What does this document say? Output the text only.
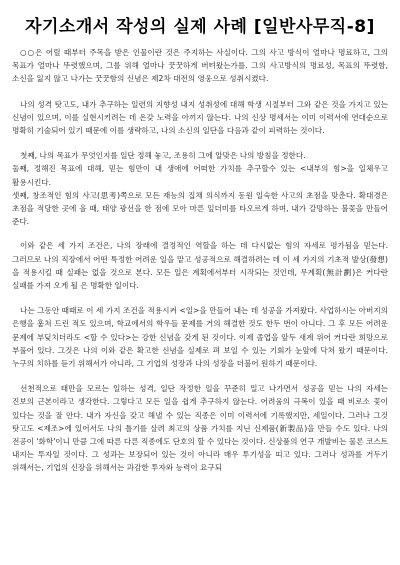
자기소개서 작성의 실제 사례 [일반사무직-8]

○○은 어릴 때부터 주목을 받은 인물이란 것은 주지하는 사실이다. 그의 사고 방식이 얼마나 명료하고, 그의 목표가 얼마나 뚜렷했으며, 그를 위해 얼마나 꿋꿋하게 버텨왔는가를. 그의 사고방식의 명료성, 목표의 뚜렷함, 소신을 잃지 않고 나가는 꿋꿋함의 신념은 제2차 대전의 영웅으로 성취시켰다.

나의 성격 탓고도, 내가 추구하는 일련의 지향성 내지 성취성에 대해 학생 시절부터 그와 같은 것을 가지고 있는 신념이 있으며, 이를 실현시키려는 데 온갖 노력을 아끼지 않는다. 나의 신상 명세서는 이미 이력서에 연대순으로 명확히 기술되어 있기 때문에 이를 생략하고, 나의 소신의 일단을 다음과 같이 피력하는 것이다.

첫째, 나의 목표가 무엇인지를 일단 정해 놓고, 조용히 그에 알맞은 나의 방침을 정한다.
둘째, 정해진 목표에 대해, 믿는 힘만이 내 생애에 어떠한 가치를 추구할수 있는 <내부의 힘>을 일체우고 활용시킨다.
셋째, 창조적인 힘의 사고(思考)쪽으로 모든 재능의 집채 의식까지 동원 일숙한 사고의 초점을 맞춘다. 확대경은 초점을 적당한 곳에 올 때, 태양 광선을 한 점에 모아 마른 잎더미를 타오르게 하며, 내가 갈망하는 불꽃을 만들어 준다.

이와 같은 세 가지 조건은, 나의 장래에 결정적인 역할을 하는 데 다시없는 힘의 자세로 평가됨을 믿는다. 그러므로 나의 직장에서 어떤 특정한 어려운 일을 맡고 성공적으로 해결하려는 데 이 세 가지의 기초적 발상(發想)을 적용시킬 때 실패는 없을 것으로 본다. 모든 일은 계획에서부터 시작되는 것인데, 무계획(無計劃)은 커다란 실패를 가져 오게 될 은 명확한 일이다.

나는 그동안 때때로 이 세 가지 조건을 적용시켜 <일>을 만들어 내는 데 성공을 가져왔다. 사업하시는 아버지의 은행을 훔쳐 드린 적도 있으며, 학교에서의 학우들 문제를 거의 해결한 것도 한두 번이 아니다. 그 후 모든 어려운 문제에 부딪치더라도 <할 수 있다>는 강한 신념을 갖게 된 것이다. 이제 졸업을 앞두 새계 위어 커다란 희망으로 부풀어 있다. 그것은 나의 이와 같은 확고한 신념을 실제로 펴 보일 수 있는 기회가 눈앞에 닥쳐 왔기 때문이다. 누구의 치하를 듣기 위해서가 아니라, 그 기업의 성장과 나의 성장을 더불어 원하기 때문이다.

선천적으로 태만을 모르는 일하는 성격, 일단 작정한 일을 꾸준히 밀고 나가면서 성공을 믿는 나의 자세는 진보의 근본이라고 생각한다. 그렇다고 모든 일을 쉽게 추구하지 않는다. 어려움의 극복이 있을 때 비로소 꽃이 있다는 것을 잘 안다. 내가 자신을 갖고 해낼 수 있는 직종은 이미 이력서에 기록했지만, 세일이다. 그러나 그것 탓고도 <제조>에 있어서도 나의 틀기를 살려 최고의 상품 가치를 지닌 신제품(新製品)을 만들 수도 있다. 나의 전공이 '화학'이니 만큼 그에 따른 다른 직종에도 단호의 할 수 있다는 것이다. 신상품의 연구 개발비는 물론 코스트 내지는 투자일 것이다. 그 성과는 보장되어 있는 것이 아니라 매우 투기성을 띠고 있다. 그러나 성과를 거두기 위해서는, 기업의 신장을 위해서는 과감한 투자와 능력이 요구되
